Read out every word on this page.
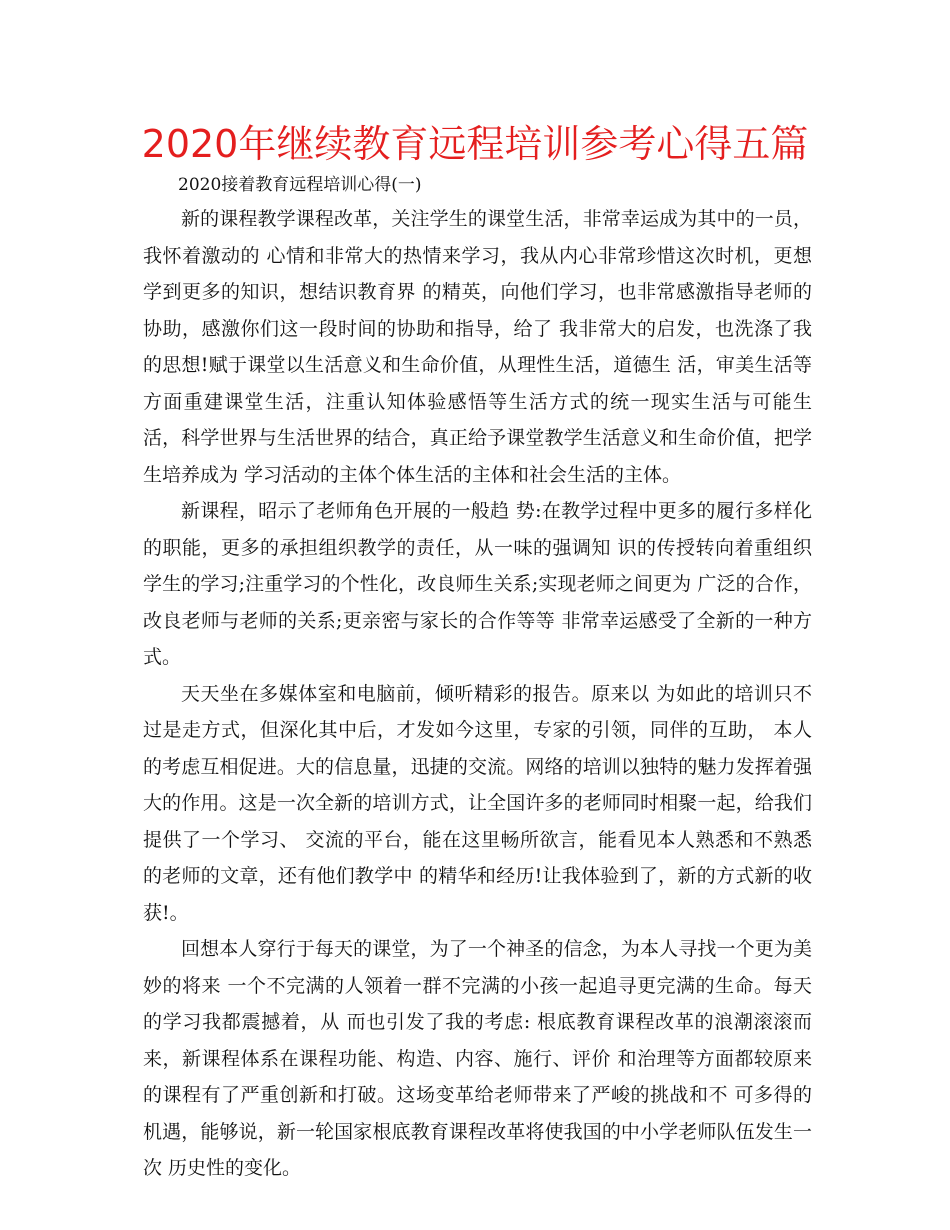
2020年继续教育远程培训参考心得五篇
2020接着教育远程培训心得(一)

新的课程教学课程改革，关注学生的课堂生活，非常幸运成为其中的一员，我怀着激动的 心情和非常大的热情来学习，我从内心非常珍惜这次时机，更想学到更多的知识，想结识教育界 的精英，向他们学习，也非常感激指导老师的协助，感激你们这一段时间的协助和指导，给了 我非常大的启发，也洗涤了我的思想!赋于课堂以生活意义和生命价值，从理性生活，道德生 活，审美生活等方面重建课堂生活，注重认知体验感悟等生活方式的统一现实生活与可能生 活，科学世界与生活世界的结合，真正给予课堂教学生活意义和生命价值，把学生培养成为 学习活动的主体个体生活的主体和社会生活的主体。

新课程，昭示了老师角色开展的一般趋 势:在教学过程中更多的履行多样化的职能，更多的承担组织教学的责任，从一味的强调知 识的传授转向着重组织学生的学习;注重学习的个性化，改良师生关系;实现老师之间更为 广泛的合作，改良老师与老师的关系;更亲密与家长的合作等等 非常幸运感受了全新的一种方式。

天天坐在多媒体室和电脑前，倾听精彩的报告。原来以 为如此的培训只不过是走方式，但深化其中后，才发如今这里，专家的引领，同伴的互助， 本人的考虑互相促进。大的信息量，迅捷的交流。网络的培训以独特的魅力发挥着强大的作用。这是一次全新的培训方式，让全国许多的老师同时相聚一起，给我们提供了一个学习、 交流的平台，能在这里畅所欲言，能看见本人熟悉和不熟悉的老师的文章，还有他们教学中 的精华和经历!让我体验到了，新的方式新的收获!。

回想本人穿行于每天的课堂，为了一个神圣的信念，为本人寻找一个更为美妙的将来 一个不完满的人领着一群不完满的小孩一起追寻更完满的生命。每天的学习我都震撼着，从 而也引发了我的考虑: 根底教育课程改革的浪潮滚滚而来，新课程体系在课程功能、构造、内容、施行、评价 和治理等方面都较原来的课程有了严重创新和打破。这场变革给老师带来了严峻的挑战和不 可多得的机遇，能够说，新一轮国家根底教育课程改革将使我国的中小学老师队伍发生一次 历史性的变化。
